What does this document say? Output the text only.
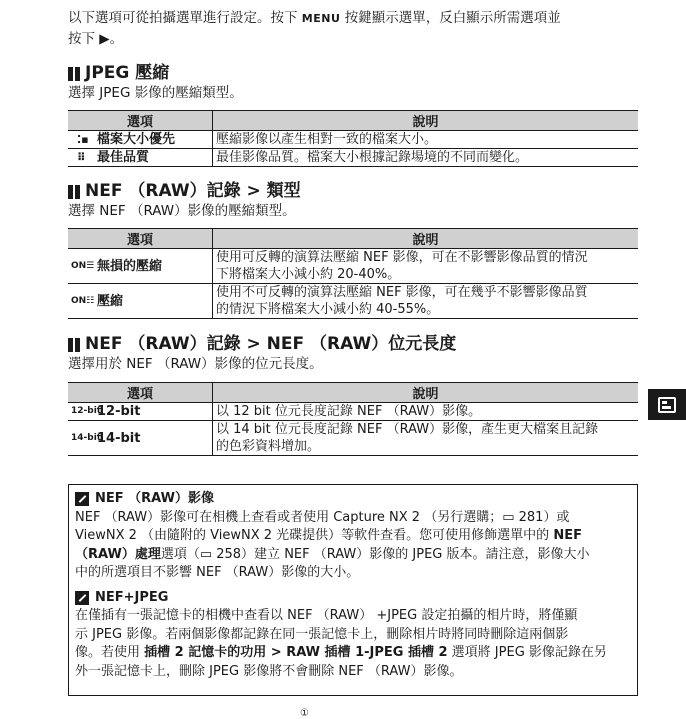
以下選項可從拍攝選單進行設定。按下 MENU 按鍵顯示選單，反白顯示所需選項並
按下 ▶。

JPEG 壓縮

選擇 JPEG 影像的壓縮類型。

選項	說明
⁚▪ 檔案大小優先	壓縮影像以產生相對一致的檔案大小。
⠿ 最佳品質	最佳影像品質。檔案大小根據記錄場境的不同而變化。
NEF （RAW）記錄 > 類型

選擇 NEF （RAW）影像的壓縮類型。

選項	說明
ON☰ 無損的壓縮	使用可反轉的演算法壓縮 NEF 影像，可在不影響影像品質的情況
下將檔案大小減小約 20-40%。
ON☷ 壓縮	使用不可反轉的演算法壓縮 NEF 影像，可在幾乎不影響影像品質
的情況下將檔案大小減小約 40-55%。
NEF （RAW）記錄 > NEF （RAW）位元長度

選擇用於 NEF （RAW）影像的位元長度。

選項	說明
12-bit12-bit	以 12 bit 位元長度記錄 NEF （RAW）影像。
14-bit14-bit	以 14 bit 位元長度記錄 NEF （RAW）影像，產生更大檔案且記錄
的色彩資料增加。

NEF （RAW）影像

NEF （RAW）影像可在相機上查看或者使用 Capture NX 2 （另行選購；▭ 281）或
ViewNX 2 （由隨附的 ViewNX 2 光碟提供）等軟件查看。您可使用修飾選單中的 NEF
（RAW）處理選項（▭ 258）建立 NEF （RAW）影像的 JPEG 版本。請注意，影像大小
中的所選項目不影響 NEF （RAW）影像的大小。

NEF+JPEG

在僅插有一張記憶卡的相機中查看以 NEF （RAW） +JPEG 設定拍攝的相片時，將僅顯
示 JPEG 影像。若兩個影像都記錄在同一張記憶卡上，刪除相片時將同時刪除這兩個影
像。若使用 插槽 2 記憶卡的功用 > RAW 插槽 1-JPEG 插槽 2 選項將 JPEG 影像記錄在另
外一張記憶卡上，刪除 JPEG 影像將不會刪除 NEF （RAW）影像。

①
